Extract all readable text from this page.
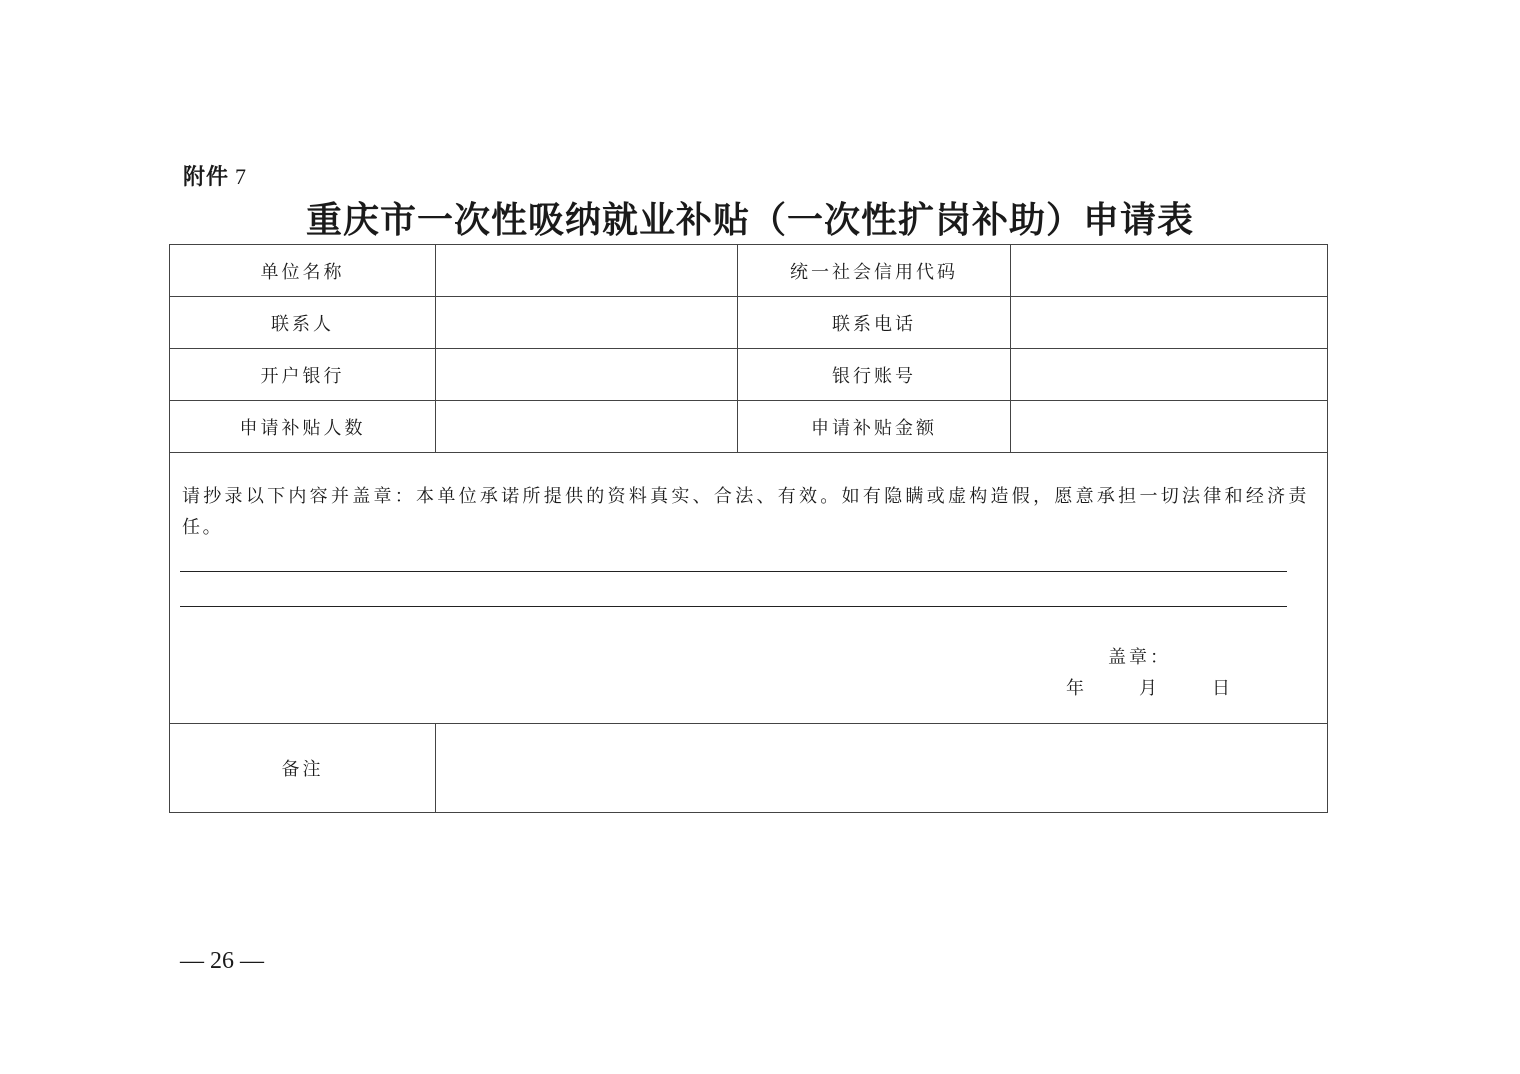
附件 7
重庆市一次性吸纳就业补贴（一次性扩岗补助）申请表
单位名称		统一社会信用代码	
联系人		联系电话	
开户银行		银行账号	
申请补贴人数		申请补贴金额	

请抄录以下内容并盖章：本单位承诺所提供的资料真实、合法、有效。如有隐瞒或虚构造假，愿意承担一切法律和经济责任。
盖章：
年 月 日			

备注			
— 26 —
